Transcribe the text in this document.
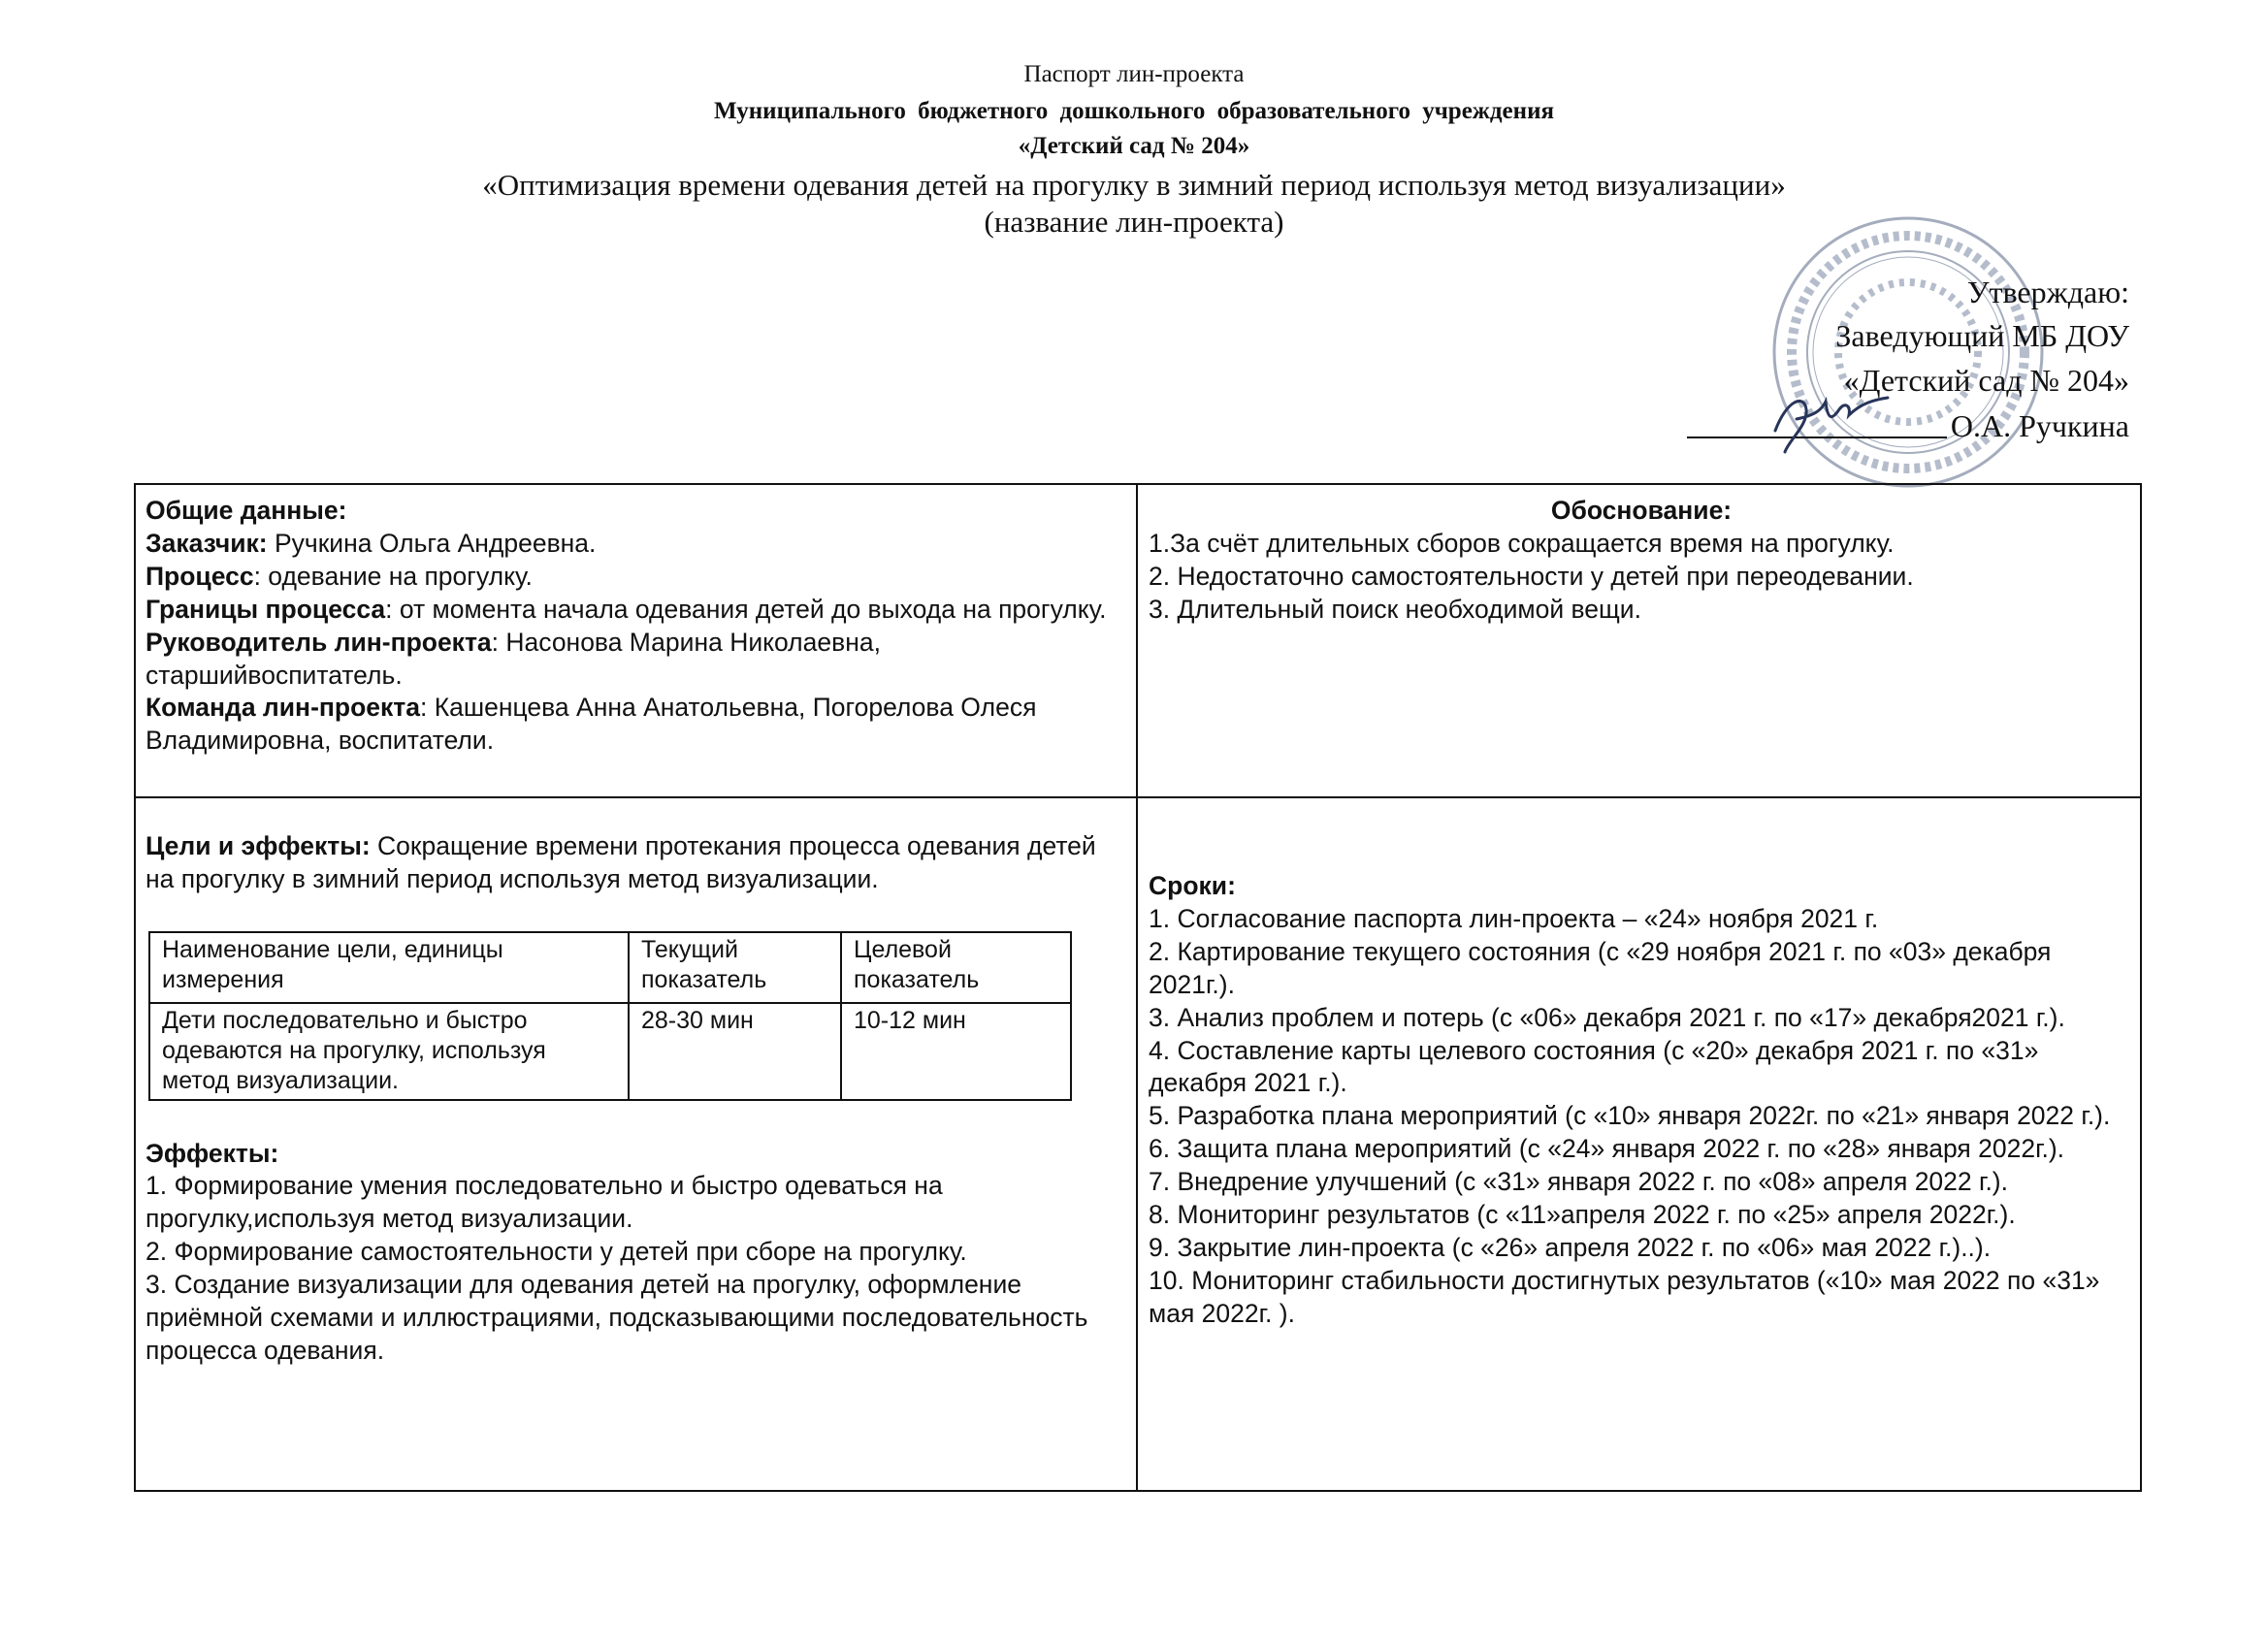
Паспорт лин-проекта
Муниципального бюджетного дошкольного образовательного учреждения
«Детский сад № 204»
«Оптимизация времени одевания детей на прогулку в зимний период используя метод визуализации»
(название лин-проекта)
Утверждаю:
Заведующий МБ ДОУ
«Детский сад № 204»
О.А. Ручкина
Общие данные:
Заказчик: Ручкина Ольга Андреевна.
Процесс: одевание на прогулку.
Границы процесса: от момента начала одевания детей до выхода на прогулку.
Руководитель лин-проекта: Насонова Марина Николаевна, старшийвоспитатель.
Команда лин-проекта: Кашенцева Анна Анатольевна, Погорелова Олеся Владимировна, воспитатели.
Обоснование:
1.За счёт длительных сборов сокращается время на прогулку.
2. Недостаточно самостоятельности у детей при переодевании.
3. Длительный поиск необходимой вещи.
Цели и эффекты: Сокращение времени протекания процесса одевания детей на прогулку в зимний период используя метод визуализации.
Наименование цели, единицы измерения	Текущий показатель	Целевой показатель
Дети последовательно и быстро одеваются на прогулку, используя метод визуализации.	28-30 мин	10-12 мин
Эффекты:
1. Формирование умения последовательно и быстро одеваться на прогулку,используя метод визуализации.
2. Формирование самостоятельности у детей при сборе на прогулку.
3. Создание визуализации для одевания детей на прогулку, оформление приёмной схемами и иллюстрациями, подсказывающими последовательность процесса одевания.
Сроки:
1. Согласование паспорта лин-проекта – «24» ноября 2021 г.
2. Картирование текущего состояния (с «29 ноября 2021 г. по «03» декабря 2021г.).
3. Анализ проблем и потерь (с «06» декабря 2021 г. по «17» декабря2021 г.).
4. Составление карты целевого состояния (с «20» декабря 2021 г. по «31» декабря 2021 г.).
5. Разработка плана мероприятий (с «10» января 2022г. по «21» января 2022 г.).
6. Защита плана мероприятий (с «24» января 2022 г. по «28» января 2022г.).
7. Внедрение улучшений (с «31» января 2022 г. по «08» апреля 2022 г.).
8. Мониторинг результатов (с «11»апреля 2022 г. по «25» апреля 2022г.).
9. Закрытие лин-проекта (с «26» апреля 2022 г. по «06» мая 2022 г.)..).
10. Мониторинг стабильности достигнутых результатов («10» мая 2022 по «31» мая 2022г. ).
